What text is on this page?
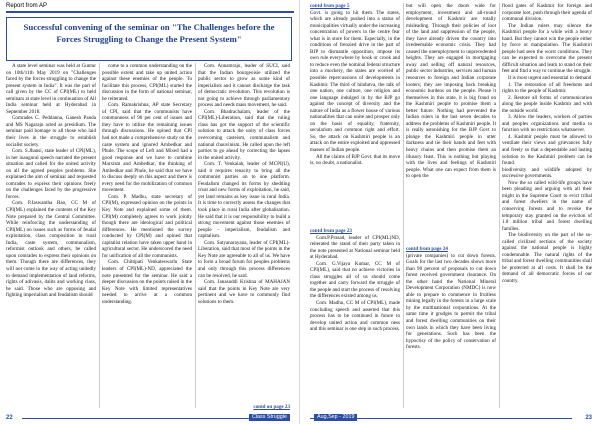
Report from AP
Successful convening of the seminar on "The Challenges before the Forces Struggling to Change the Present System"

A state level seminar was held at Guntur on 10th/11th May 2019 on "Challenges faced by the forces struggling to change the present system in India". It was the part of call given by the CC of CPI(ML) to held seminars at state level in continuation of All India seminar held at Hyderabad in September 2018.

Comrades C. Peddanna, Ganesh Panda and MS Nagaraju acted as presidium. The seminar paid homage to all those who laid their lives in the struggle to establish socialist society.

Com. S.Jhansi, state leader of CPI(ML), in her inaugural speech narrated the present situation and called for the united activity on all the agreed peoples problems. She explained the aim of seminar and requested comrades to express their opinions freely on the challenges faced by the progressive forces.

Com. P.Jaswantha Rao, CC M of CPI(ML) explained the contents of the Key Note prepared by the Central Committee. While reinforcing the understanding of CPI(ML) on issues such as forms of feudal exploitation, class composition in rural India, caste system, communalism, reformist outlook and others, he called upon comrades to express their opinions on them. Though there are differences, they will not come in the way of acting unitedly to demand implementation of land reforms, rights of adivasis, dalits and working class, he said. Those who are opposing and fighting imperialism and feudalism should

come to a common understanding on the possible extent and take up united action against these enemies of the people. To facilitate this process, CPI(ML) started the discussion in the form of national seminar, he reiterated.

Com. Ramakrishna, AP state Secretary of CPI, said that the communists have commonness of 90 per cent of issues and they have to utilize the remaining issues through discussions. He opined that CPI had not made a comprehensive study on the caste system and ignored Ambedkar and Phule. The scope of Left and Mixed had a good response and we have to combine Marxism and Ambedkar, the thinking of Ambedkar and Phule, he said that we have to discuss deeply on this aspect and there is every need for the mobilization of common movement.

Com. P. Madhu, state secretary of CPI(M), expressed opinion on the points in Key Note and explained some of them. CPI(M) completely agrees to work jointly though there are ideological and political differences. He mentioned the survey conducted by CPI(M) and opined that capitalist relation have taken upper hand in agricultural sector. He underscored the need for unification of all the communists.

Com. Chittipati Venkateswarlu State leaders of CPI(ML)-ND, appreciated the note presented for the seminar. He said a deeper discussion on the points raised in the Key Note with limited representatives needed to arrive at a common understanding.

Com. Annamraju, leader of SUCI, said that the Indian bourgeoisie utilized the public sector to grow as some kind of imperialists and it cannot discharge the task of democratic revolution. This revolution is not going to achieve through parliamentary process and needs mass movement, he said.

Com. Bhadrachalam, leader of the CPI(ML)-Liberation, said that the ruling class has got the support of the scientific solution to attack the unity of class forces overcoming casteism, communalism and national chauvinism. He called upon the left parties to go ahead by correcting the lapses in the united activity.

Com. T. Venkaiah, leader of MCPI(U), said it requires tenacity to bring all the communist parties on to one platform. Feudalism changed its forms by shedding crust and new forms of exploitation, he said, yet land remains as key issue in rural India. It is time to correctly assess the changes that took place in rural India after globalisation. He said that it is our responsibility to build a strong movement against those enemies of people - imperialism, feudalism and capitalism.

Com. Satyanarayana, leader of CPI(ML)-Liberation, said that most of the points in the Key Note are agreeable to all of us. We have to form a broad forum for peoples problems and only through this process differences can be resolved, he said.

Com. Janasuddi Krishna of MAHAJAN said that the points in Key Note are very pertinent and we have to commonly find solutions to them.

contd on page 23
22	Class Struggle

contd from page 5

Govt. is going to hit them. The states, which are already pushed into a status of municipalities virtually under the increasing concentration of powers in the centre fear what is in store for them. Especially, in the conditions of frenzied drive in the part of BJP to dismantle opposition, impose its own rule everywhere by hook or crook and to reduce even the nominal federal structure into a mockery, the states are worried of possible repercussions of developments in Kashmir. The third of hindutva, the talk of one nation, one culture, one religion and one language indulged in by the BJP go against the concept of diversity and the nature of India as a flower house of various nationalities that can unite and prosper only on the basis of equality, fraternity, secularism and common right and effort. So, the attack on Kashmiri people is an attack on the entire exploited and oppressed masses of Indian people.

All the claims of BJP Govt. that its move is, no doubt, a nationalist.

contd from page 23

Com.P.Prasad, leader of CPI(ML)ND, reiterated the stand of their party taken in the note presented at National seminar held at Hyderabad.

Com. G.Vijaya Kumar, CC M of CPI(ML), said that no achieve victories in class struggles all of us should come together and carry forward the struggle of the people and start the process of resolving the differences existed among us.

Com. Madhu, CC M of CPI(ML), made concluding speech and asserted that this process has to be continued in future to develop united action and common ness and this seminar is one step in such process.

but will open the doors wide for employment, investment and all-round development of Kashmir are totally misleading. Through their policies of loot of the land and suppression of the people, they have already driven the country into irredeemable economic crisis. They had caused the unemployment to unprecedented heights. They are engaged in mortgaging away and selling off natural resources, public sector industries, services and human resources to foreign and Indian corporate looters; they are imposing back breaking economic burdens on the people. Please it themselves in this state, it is big fraud on the Kashmiri people to promise them a better future. Nothing had prevented the Indian rulers in the last seven decades to address the problems of Kashmiri people. It is really astonishing for the BJP Govt to plunge the Kashmiri people in utter darkness and tie their hands and feet with heavy chains and then promise them an illusory feast. This is nothing but playing with the lives and feelings of Kashmiri people. What one can expect from them is to open the

contd from page 24

(private companies) to cut down forests. Goals for the last two decades shows more than 90 percent of proposals to cut down forest received government clearance. On the other hand the National Mineral Development Corporation (NMDC) is now able to prepare to commence in fruitless mining legally in the forests in a large scale by the multinational corporations. At the same time it grudges to permit the tribal and forest dwelling communities on their own lands in which they have been living for generations. Such has been the hypocrisy of the policy of conservation of forests.

flood gates of Kashmir for foreign and corporate loot, push through their agenda of communal division.

The Indian rulers may silence the Kashmiri people for a while with a heavy hand. But they cannot win the people either by force or manipulation. The Kashmiri people had seen the worst conditions. They can be expected to overcome the present difficult situation and learn to stand on their feet and find a way to continue the struggle.

It is most urgent and essential to demand

1. The restoration of all freedoms and rights to the people of Kashmir.

2. Restore all forms of communication along the people inside Kashmir and with the outside world.

3. Allow the leaders, workers of parties and peoples organizations and media to function with no restrictions whatsoever.

4. Kashmir people must be allowed to ventilate their views and grievances fully and freely so that a dependable and lasting solution to the Kashmiri problem can be found.

biodiversity and wildlife adopted by successive governments.

Now the so called wild-life groups have been pleading and arguing with all their might in the Supreme Court to evict tribal and forest dwellers in the name of conserving forests and to revoke the temporary stay granted on the eviction of 1.8 million tribal and forest dwelling families.

The biodiversity on the part of the so-called civilized sections of the society against the national people is highly condemnable. The natural rights of the tribal and forest dwelling communities shall be protected at all costs. It shall be the demand of all democratic forces of our country.

Aug,Sep - 2019	23
